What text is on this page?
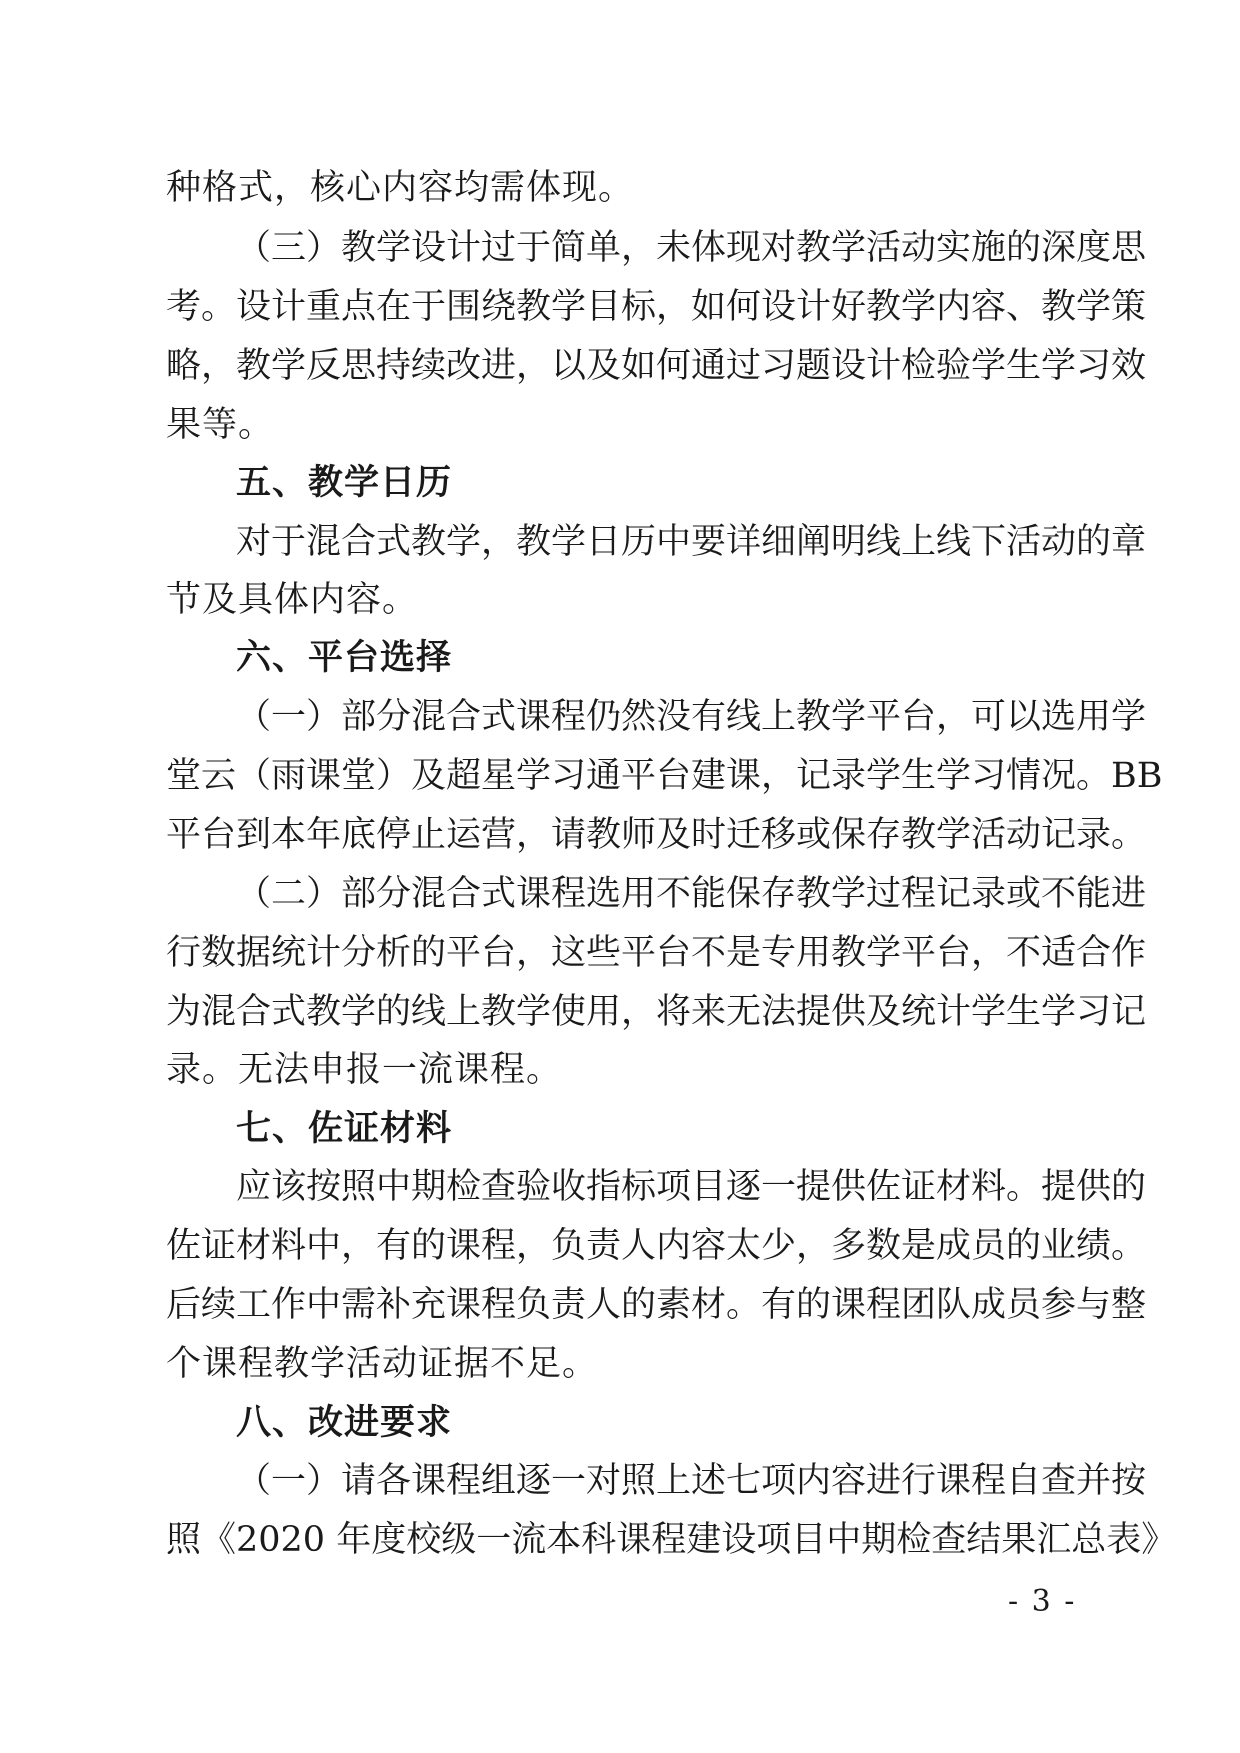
种格式，核心内容均需体现。
（三）教学设计过于简单，未体现对教学活动实施的深度思
考。设计重点在于围绕教学目标，如何设计好教学内容、教学策
略，教学反思持续改进，以及如何通过习题设计检验学生学习效
果等。
五、教学日历
对于混合式教学，教学日历中要详细阐明线上线下活动的章
节及具体内容。
六、平台选择
（一）部分混合式课程仍然没有线上教学平台，可以选用学
堂云（雨课堂）及超星学习通平台建课，记录学生学习情况。BB
平台到本年底停止运营，请教师及时迁移或保存教学活动记录。
（二）部分混合式课程选用不能保存教学过程记录或不能进
行数据统计分析的平台，这些平台不是专用教学平台，不适合作
为混合式教学的线上教学使用，将来无法提供及统计学生学习记
录。无法申报一流课程。
七、佐证材料
应该按照中期检查验收指标项目逐一提供佐证材料。提供的
佐证材料中，有的课程，负责人内容太少，多数是成员的业绩。
后续工作中需补充课程负责人的素材。有的课程团队成员参与整
个课程教学活动证据不足。
八、改进要求
（一）请各课程组逐一对照上述七项内容进行课程自查并按
照《2020 年度校级一流本科课程建设项目中期检查结果汇总表》
- 3 -
